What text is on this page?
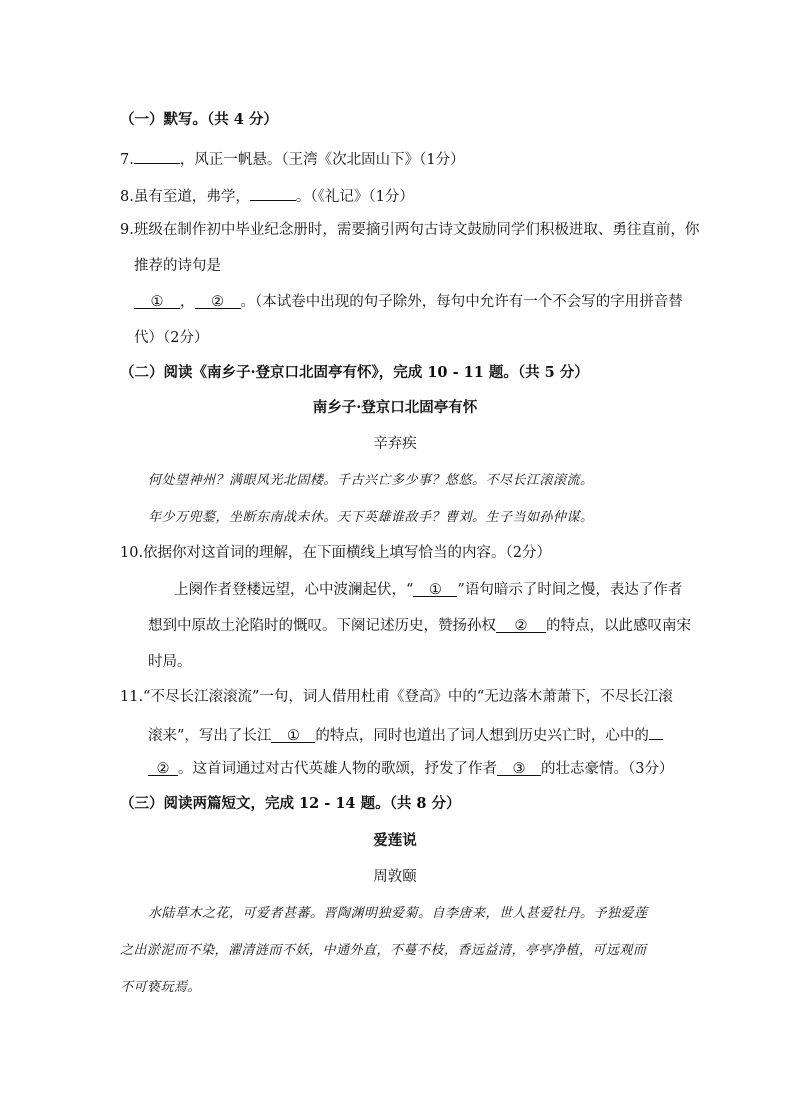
（一）默写。（共 4 分）
7.	，风正一帆悬。（王湾《次北固山下》（1分）
8.虽有至道，弗学，	。（《礼记》（1分）
9.班级在制作初中毕业纪念册时，需要摘引两句古诗文鼓励同学们积极进取、勇往直前，你
推荐的诗句是
① ， ② 。（本试卷中出现的句子除外，每句中允许有一个不会写的字用拼音替
代）（2分）
（二）阅读《南乡子·登京口北固亭有怀》，完成 10 - 11 题。（共 5 分）
南乡子·登京口北固亭有怀
辛弃疾
何处望神州？满眼风光北固楼。千古兴亡多少事？悠悠。不尽长江滚滚流。
年少万兜鍪，坐断东南战未休。天下英雄谁敌手？曹刘。生子当如孙仲谋。
10.依据你对这首词的理解，在下面横线上填写恰当的内容。（2分）
上阕作者登楼远望，心中波澜起伏，“ ① ”语句暗示了时间之慢，表达了作者
想到中原故土沦陷时的慨叹。下阕记述历史，赞扬孙权 ② 的特点，以此感叹南宋
时局。
11.“不尽长江滚滚流”一句，词人借用杜甫《登高》中的“无边落木萧萧下，不尽长江滚
滚来”，写出了长江 ① 的特点，同时也道出了词人想到历史兴亡时，心中的
② 。这首词通过对古代英雄人物的歌颂，抒发了作者 ③ 的壮志豪情。（3分）
（三）阅读两篇短文，完成 12 - 14 题。（共 8 分）
爱莲说
周敦颐
水陆草木之花，可爱者甚蕃。晋陶渊明独爱菊。自李唐来，世人甚爱牡丹。予独爱莲
之出淤泥而不染，濯清涟而不妖，中通外直，不蔓不枝，香远益清，亭亭净植，可远观而
不可亵玩焉。
